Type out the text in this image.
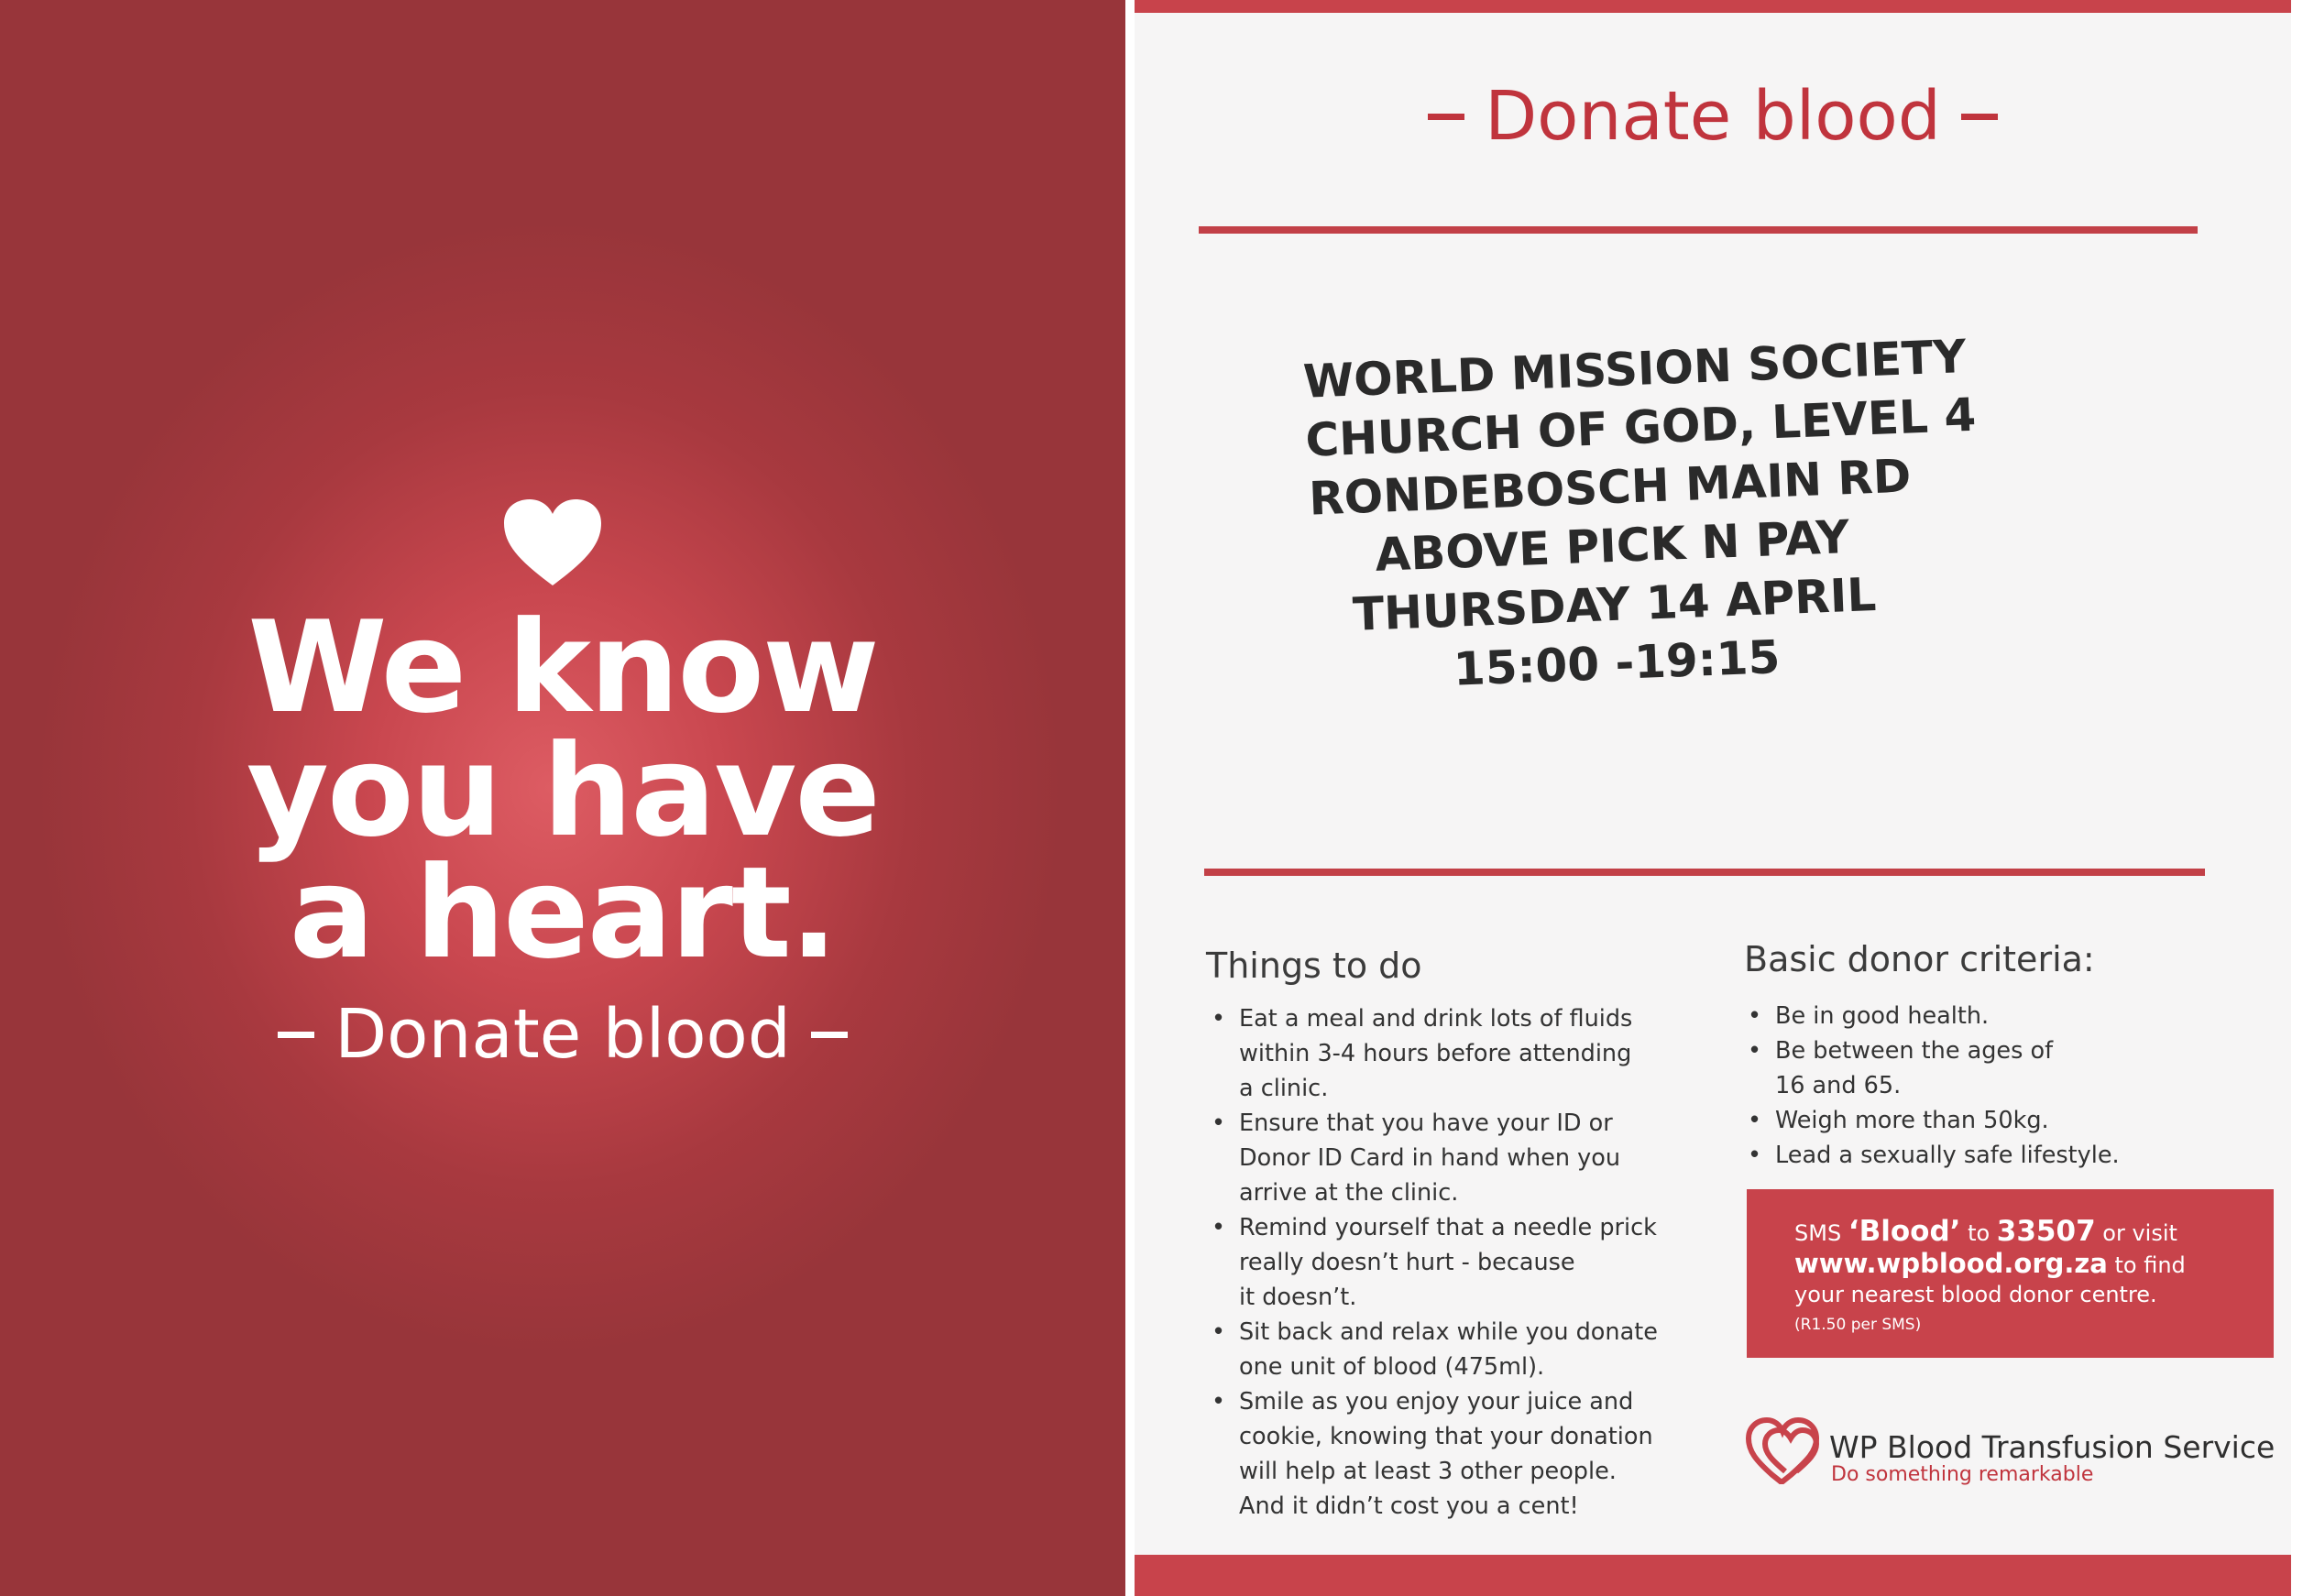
We know
you have
a heart.
Donate blood
Donate blood
WORLD MISSION SOCIETY
CHURCH OF GOD, LEVEL 4
RONDEBOSCH MAIN RD
ABOVE PICK N PAY
THURSDAY 14 APRIL
15:00 -19:15
Things to do
• Eat a meal and drink lots of fluids
within 3-4 hours before attending
a clinic.
• Ensure that you have your ID or
Donor ID Card in hand when you
arrive at the clinic.
• Remind yourself that a needle prick
really doesn’t hurt - because
it doesn’t.
• Sit back and relax while you donate
one unit of blood (475ml).
• Smile as you enjoy your juice and
cookie, knowing that your donation
will help at least 3 other people.
And it didn’t cost you a cent!
Basic donor criteria:
• Be in good health.
• Be between the ages of
16 and 65.
• Weigh more than 50kg.
• Lead a sexually safe lifestyle.
SMS ‘Blood’ to 33507 or visit
www.wpblood.org.za to find
your nearest blood donor centre.
(R1.50 per SMS)
WP Blood Transfusion Service
Do something remarkable
